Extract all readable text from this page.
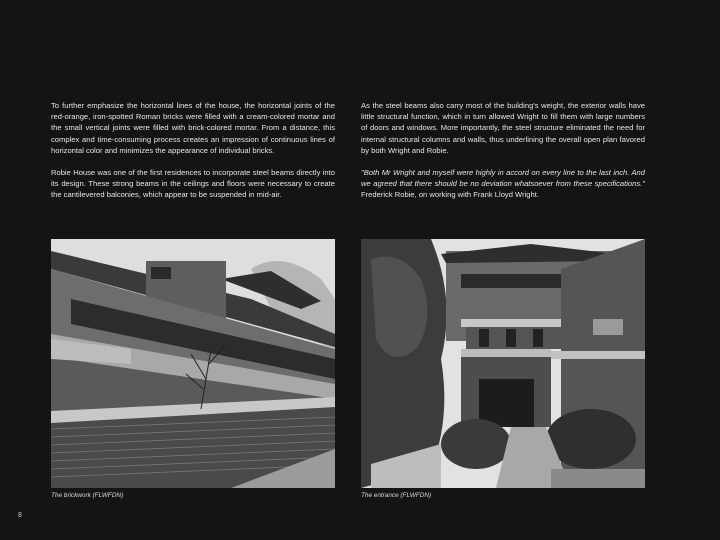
To further emphasize the horizontal lines of the house, the horizontal joints of the red-orange, iron-spotted Roman bricks were filled with a cream-colored mortar and the small vertical joints were filled with brick-colored mortar. From a distance, this complex and time-consuming process creates an impression of continuous lines of horizontal color and minimizes the appearance of individual bricks.

Robie House was one of the first residences to incorporate steel beams directly into its design. These strong beams in the ceilings and floors were necessary to create the cantilevered balconies, which appear to be suspended in mid-air.

As the steel beams also carry most of the building's weight, the exterior walls have little structural function, which in turn allowed Wright to fill them with large numbers of doors and windows. More importantly, the steel structure eliminated the need for internal structural columns and walls, thus underlining the overall open plan favored by both Wright and Robie.

"Both Mr Wright and myself were highly in accord on every line to the last inch. And we agreed that there should be no deviation whatsoever from these specifications." Frederick Robie, on working with Frank Lloyd Wright.

The brickwork (FLWFDN)	The entrance (FLWFDN)
8
